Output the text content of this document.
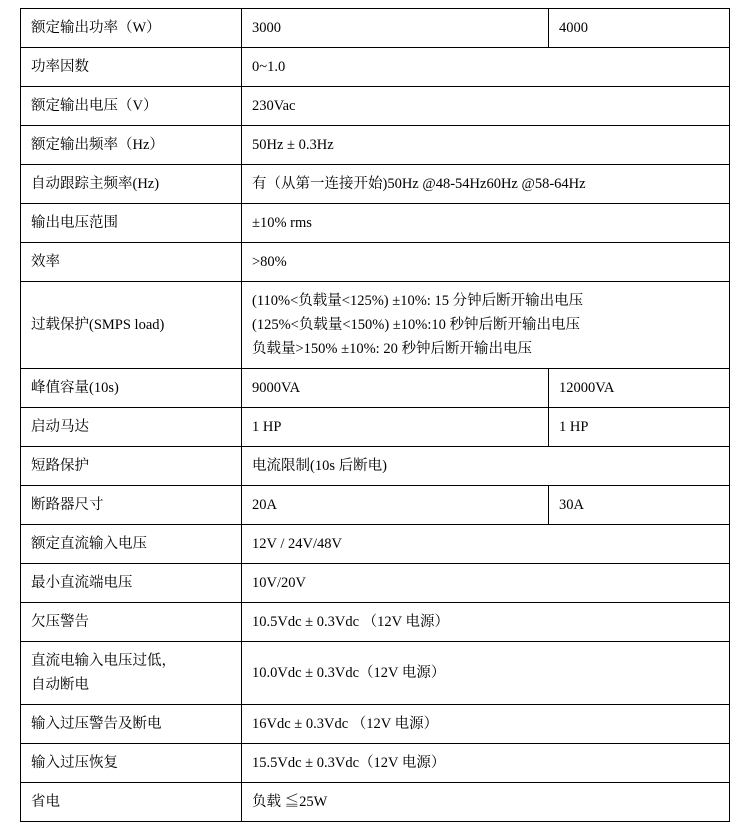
额定输出功率（W）	3000	4000

功率因数	0~1.0	

额定输出电压（V）	230Vac	

额定输出频率（Hz）	50Hz ± 0.3Hz	

自动跟踪主频率(Hz)	有（从第一连接开始)50Hz @48-54Hz60Hz @58-64Hz	

输出电压范围	±10% rms	

效率	>80%	

过载保护(SMPS load)	(110%<负载量<125%) ±10%: 15 分钟后断开输出电压
(125%<负载量<150%) ±10%:10 秒钟后断开输出电压
负载量>150% ±10%: 20 秒钟后断开输出电压	

峰值容量(10s)	9000VA	12000VA

启动马达	1 HP	1 HP

短路保护	电流限制(10s 后断电)	

断路器尺寸	20A	30A

额定直流输入电压	12V / 24V/48V	

最小直流端电压	10V/20V	

欠压警告	10.5Vdc ± 0.3Vdc （12V 电源）	

直流电输入电压过低，
自动断电	10.0Vdc ± 0.3Vdc（12V 电源）	

输入过压警告及断电	16Vdc ± 0.3Vdc （12V 电源）	

输入过压恢复	15.5Vdc ± 0.3Vdc（12V 电源）	

省电	负载 ≦25W	
